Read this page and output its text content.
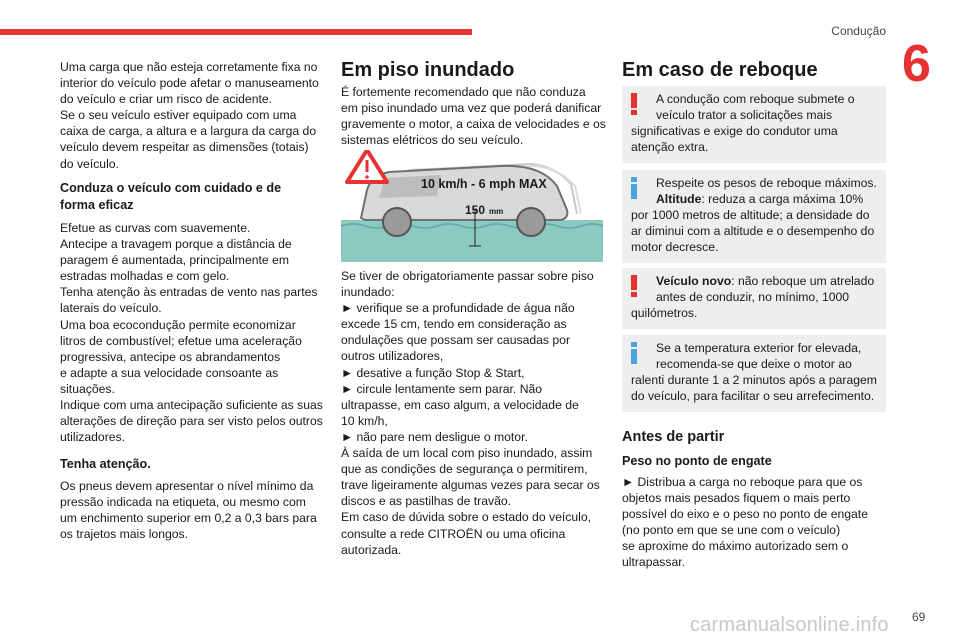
Condução
6
69
carmanualsonline.info
Uma carga que não esteja corretamente fixa no
interior do veículo pode afetar o manuseamento
do veículo e criar um risco de acidente.
Se o seu veículo estiver equipado com uma
caixa de carga, a altura e a largura da carga do
veículo devem respeitar as dimensões (totais)
do veículo.
Conduza o veículo com cuidado e de
forma eficaz
Efetue as curvas com suavemente.
Antecipe a travagem porque a distância de
paragem é aumentada, principalmente em
estradas molhadas e com gelo.
Tenha atenção às entradas de vento nas partes
laterais do veículo.
Uma boa ecocondução permite economizar
litros de combustível; efetue uma aceleração
progressiva, antecipe os abrandamentos
e adapte a sua velocidade consoante as
situações.
Indique com uma antecipação suficiente as suas
alterações de direção para ser visto pelos outros
utilizadores.
Tenha atenção.
Os pneus devem apresentar o nível mínimo da
pressão indicada na etiqueta, ou mesmo com
um enchimento superior em 0,2 a 0,3 bars para
os trajetos mais longos.
Em piso inundado
É fortemente recomendado que não conduza
em piso inundado uma vez que poderá danificar
gravemente o motor, a caixa de velocidades e os
sistemas elétricos do seu veículo.
Se tiver de obrigatoriamente passar sobre piso
inundado:
► verifique se a profundidade de água não
excede 15 cm, tendo em consideração as
ondulações que possam ser causadas por
outros utilizadores,
► desative a função Stop & Start,
► circule lentamente sem parar. Não
ultrapasse, em caso algum, a velocidade de
10 km/h,
► não pare nem desligue o motor.
À saída de um local com piso inundado, assim
que as condições de segurança o permitirem,
trave ligeiramente algumas vezes para secar os
discos e as pastilhas de travão.
Em caso de dúvida sobre o estado do veículo,
consulte a rede CITROËN ou uma oficina
autorizada.
10 km/h - 6 mph MAX
150 mm
Em caso de reboque
A condução com reboque submete o
veículo trator a solicitações mais
significativas e exige do condutor uma
atenção extra.
Respeite os pesos de reboque máximos.
Altitude: reduza a carga máxima 10%
por 1000 metros de altitude; a densidade do
ar diminui com a altitude e o desempenho do
motor decresce.
Veículo novo: não reboque um atrelado
antes de conduzir, no mínimo, 1000
quilómetros.
Se a temperatura exterior for elevada,
recomenda-se que deixe o motor ao
ralenti durante 1 a 2 minutos após a paragem
do veículo, para facilitar o seu arrefecimento.
Antes de partir
Peso no ponto de engate
► Distribua a carga no reboque para que os
objetos mais pesados fiquem o mais perto
possível do eixo e o peso no ponto de engate
(no ponto em que se une com o veículo)
se aproxime do máximo autorizado sem o
ultrapassar.
